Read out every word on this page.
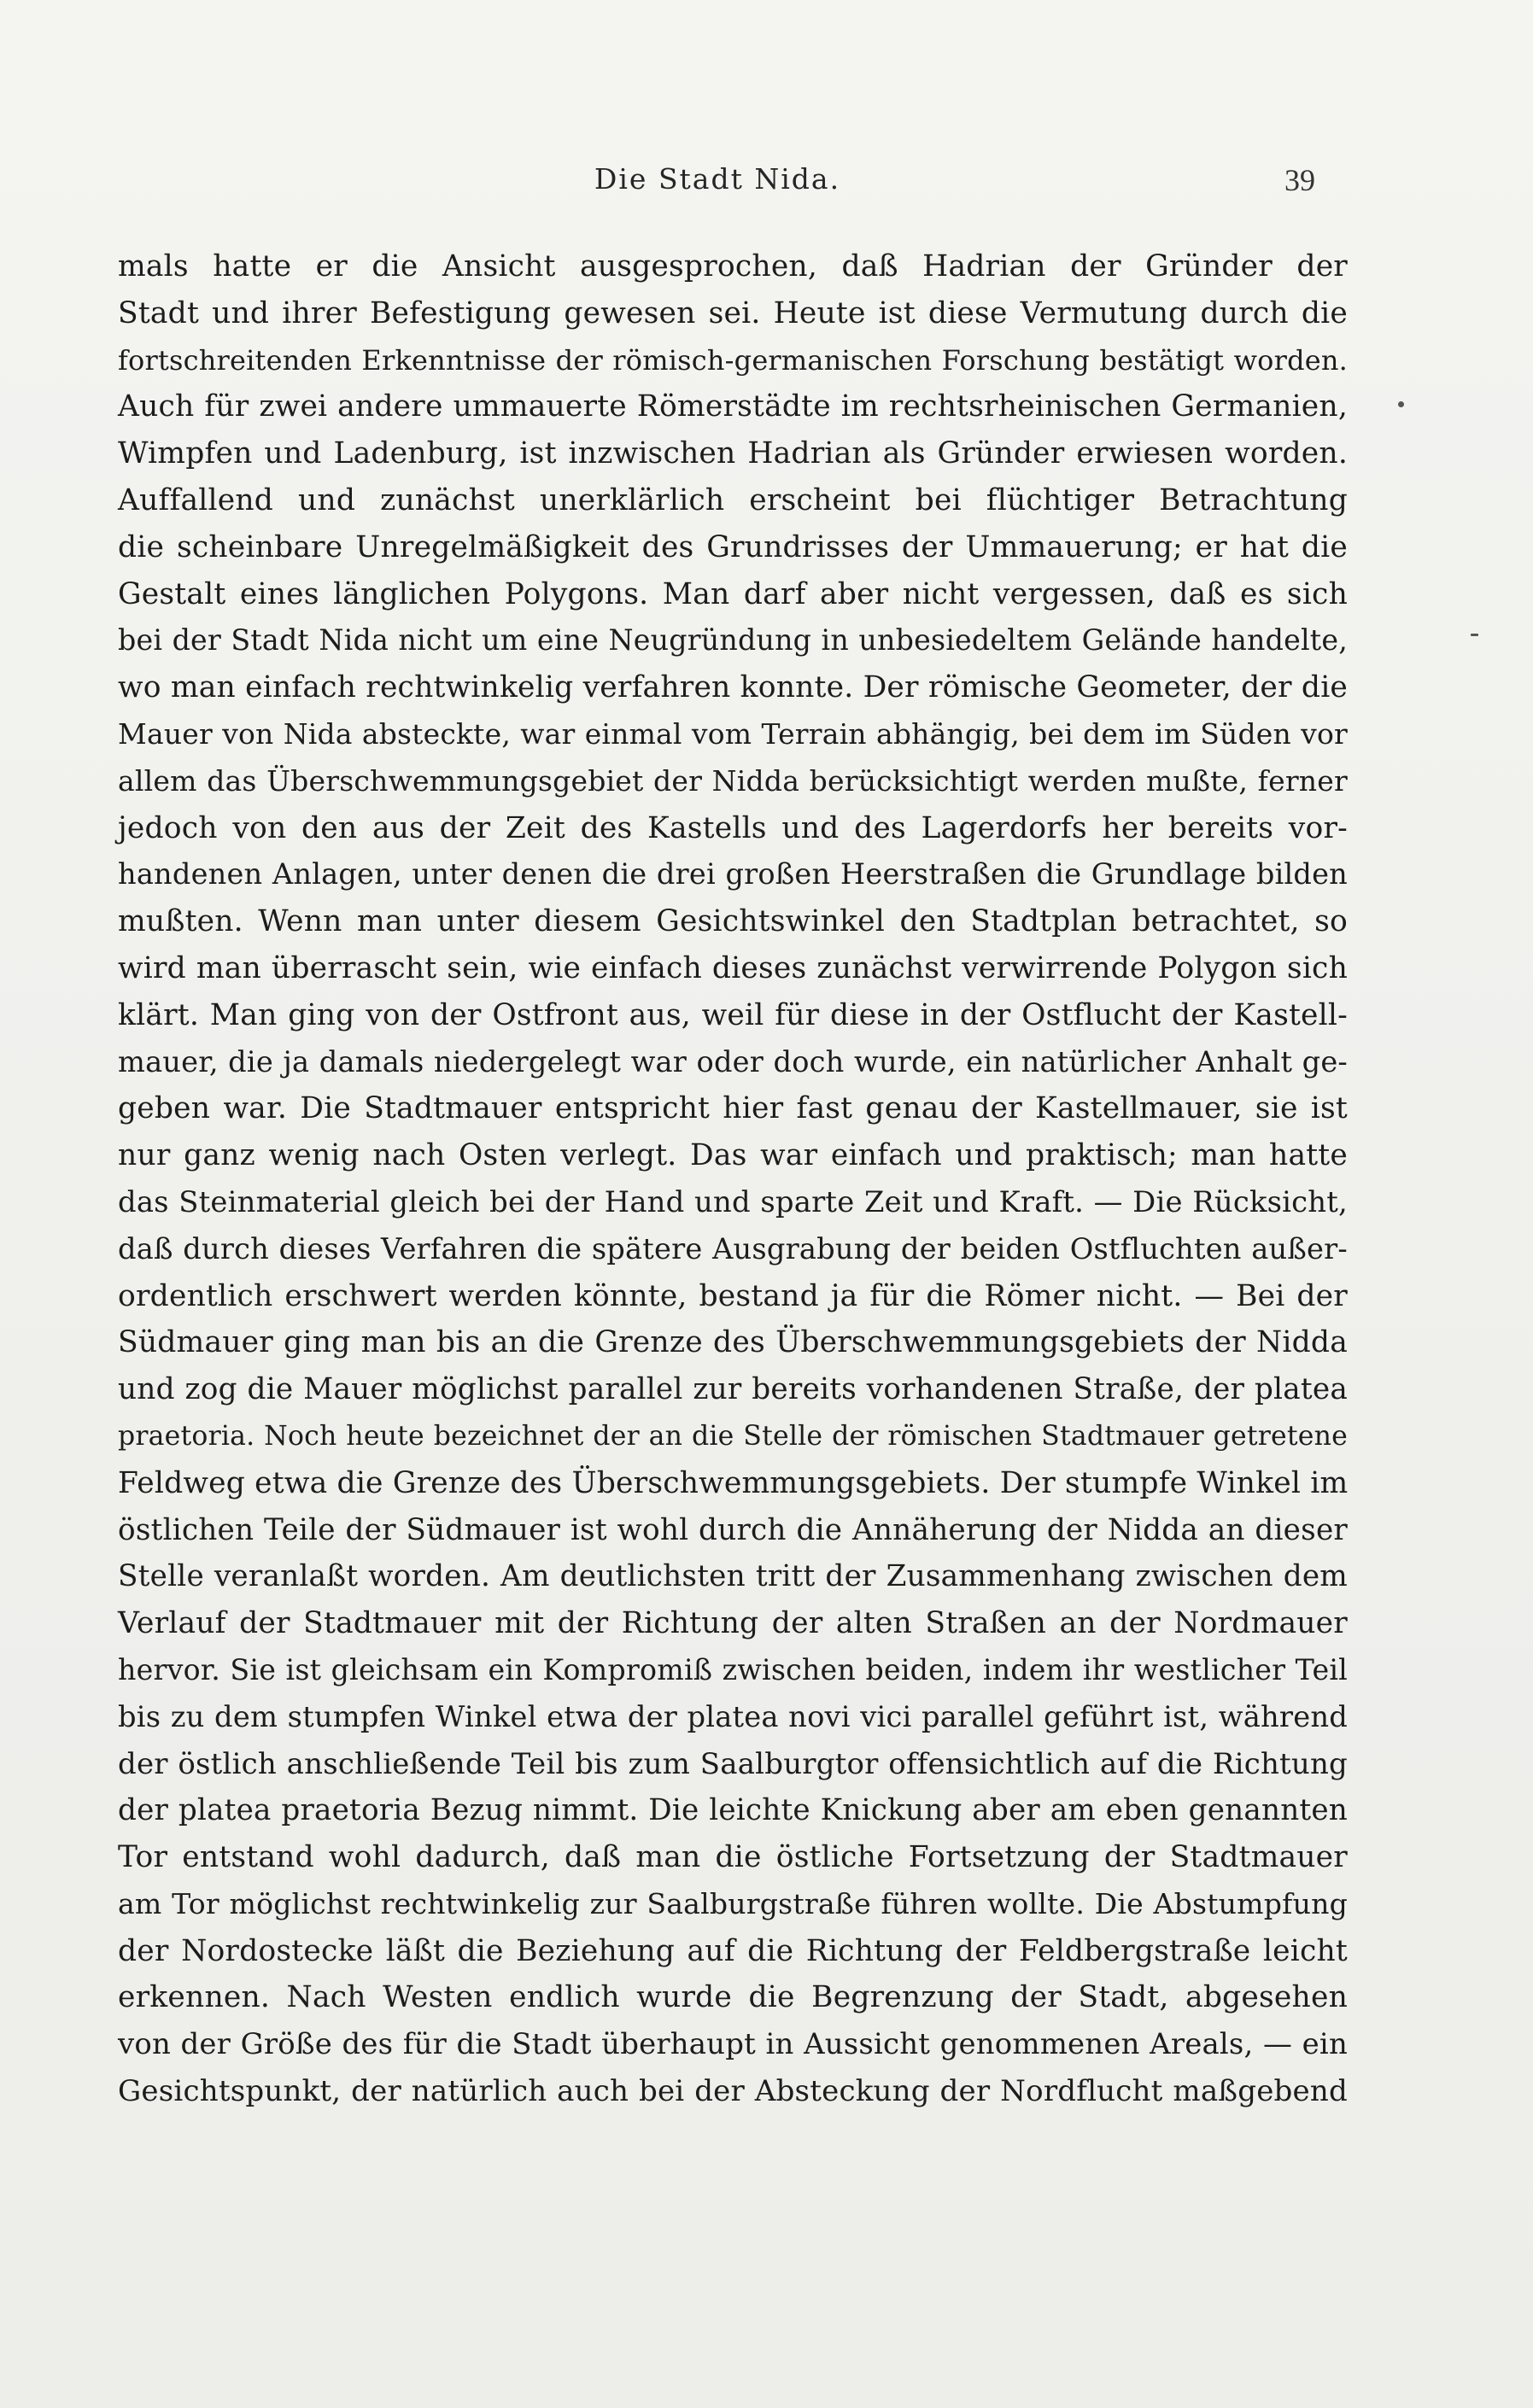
Die Stadt Nida.	39
mals hatte er die Ansicht ausgesprochen, daß Hadrian der Gründer der
Stadt und ihrer Befestigung gewesen sei. Heute ist diese Vermutung durch die
fortschreitenden Erkenntnisse der römisch-germanischen Forschung bestätigt worden.
Auch für zwei andere ummauerte Römerstädte im rechtsrheinischen Germanien,
Wimpfen und Ladenburg, ist inzwischen Hadrian als Gründer erwiesen worden.
Auffallend und zunächst unerklärlich erscheint bei flüchtiger Betrachtung
die scheinbare Unregelmäßigkeit des Grundrisses der Ummauerung; er hat die
Gestalt eines länglichen Polygons. Man darf aber nicht vergessen, daß es sich
bei der Stadt Nida nicht um eine Neugründung in unbesiedeltem Gelände handelte,
wo man einfach rechtwinkelig verfahren konnte. Der römische Geometer, der die
Mauer von Nida absteckte, war einmal vom Terrain abhängig, bei dem im Süden vor
allem das Überschwemmungsgebiet der Nidda berücksichtigt werden mußte, ferner
jedoch von den aus der Zeit des Kastells und des Lagerdorfs her bereits vor-
handenen Anlagen, unter denen die drei großen Heerstraßen die Grundlage bilden
mußten. Wenn man unter diesem Gesichtswinkel den Stadtplan betrachtet, so
wird man überrascht sein, wie einfach dieses zunächst verwirrende Polygon sich
klärt. Man ging von der Ostfront aus, weil für diese in der Ostflucht der Kastell-
mauer, die ja damals niedergelegt war oder doch wurde, ein natürlicher Anhalt ge-
geben war. Die Stadtmauer entspricht hier fast genau der Kastellmauer, sie ist
nur ganz wenig nach Osten verlegt. Das war einfach und praktisch; man hatte
das Steinmaterial gleich bei der Hand und sparte Zeit und Kraft. — Die Rücksicht,
daß durch dieses Verfahren die spätere Ausgrabung der beiden Ostfluchten außer-
ordentlich erschwert werden könnte, bestand ja für die Römer nicht. — Bei der
Südmauer ging man bis an die Grenze des Überschwemmungsgebiets der Nidda
und zog die Mauer möglichst parallel zur bereits vorhandenen Straße, der platea
praetoria. Noch heute bezeichnet der an die Stelle der römischen Stadtmauer getretene
Feldweg etwa die Grenze des Überschwemmungsgebiets. Der stumpfe Winkel im
östlichen Teile der Südmauer ist wohl durch die Annäherung der Nidda an dieser
Stelle veranlaßt worden. Am deutlichsten tritt der Zusammenhang zwischen dem
Verlauf der Stadtmauer mit der Richtung der alten Straßen an der Nordmauer
hervor. Sie ist gleichsam ein Kompromiß zwischen beiden, indem ihr westlicher Teil
bis zu dem stumpfen Winkel etwa der platea novi vici parallel geführt ist, während
der östlich anschließende Teil bis zum Saalburgtor offensichtlich auf die Richtung
der platea praetoria Bezug nimmt. Die leichte Knickung aber am eben genannten
Tor entstand wohl dadurch, daß man die östliche Fortsetzung der Stadtmauer
am Tor möglichst rechtwinkelig zur Saalburgstraße führen wollte. Die Abstumpfung
der Nordostecke läßt die Beziehung auf die Richtung der Feldbergstraße leicht
erkennen. Nach Westen endlich wurde die Begrenzung der Stadt, abgesehen
von der Größe des für die Stadt überhaupt in Aussicht genommenen Areals, — ein
Gesichtspunkt, der natürlich auch bei der Absteckung der Nordflucht maßgebend
